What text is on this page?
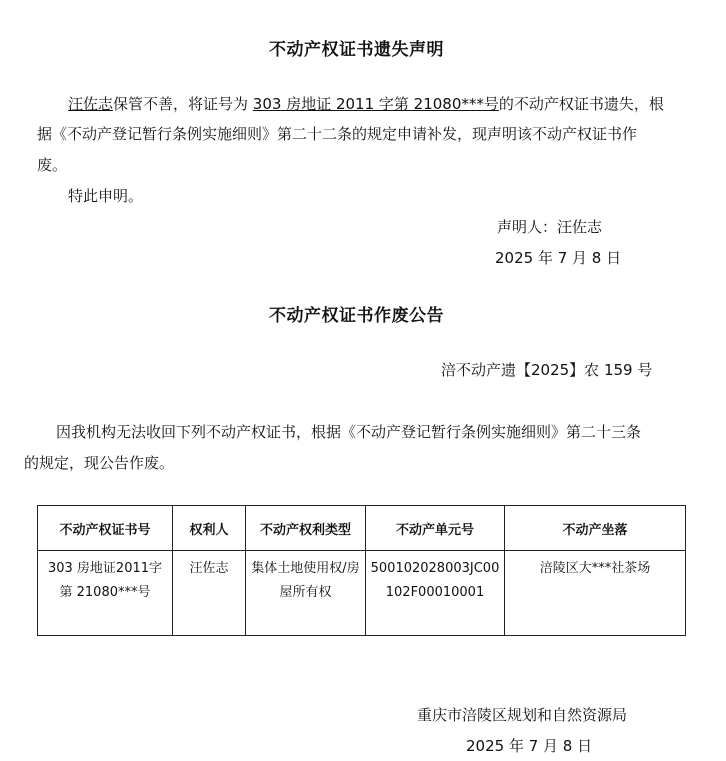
不动产权证书遗失声明
汪佐志保管不善，将证号为 303 房地证 2011 字第 21080***号的不动产权证书遗失，根
据《不动产登记暂行条例实施细则》第二十二条的规定申请补发，现声明该不动产权证书作
废。
特此申明。
声明人：汪佐志
2025 年 7 月 8 日
不动产权证书作废公告
涪不动产遗【2025】农 159 号
因我机构无法收回下列不动产权证书，根据《不动产登记暂行条例实施细则》第二十三条
的规定，现公告作废。
不动产权证书号	权利人	不动产权利类型	不动产单元号	不动产坐落
303 房地证2011字第 21080***号	汪佐志	集体土地使用权/房屋所有权	500102028003JC00102F00010001	涪陵区大***社茶场
重庆市涪陵区规划和自然资源局
2025 年 7 月 8 日
